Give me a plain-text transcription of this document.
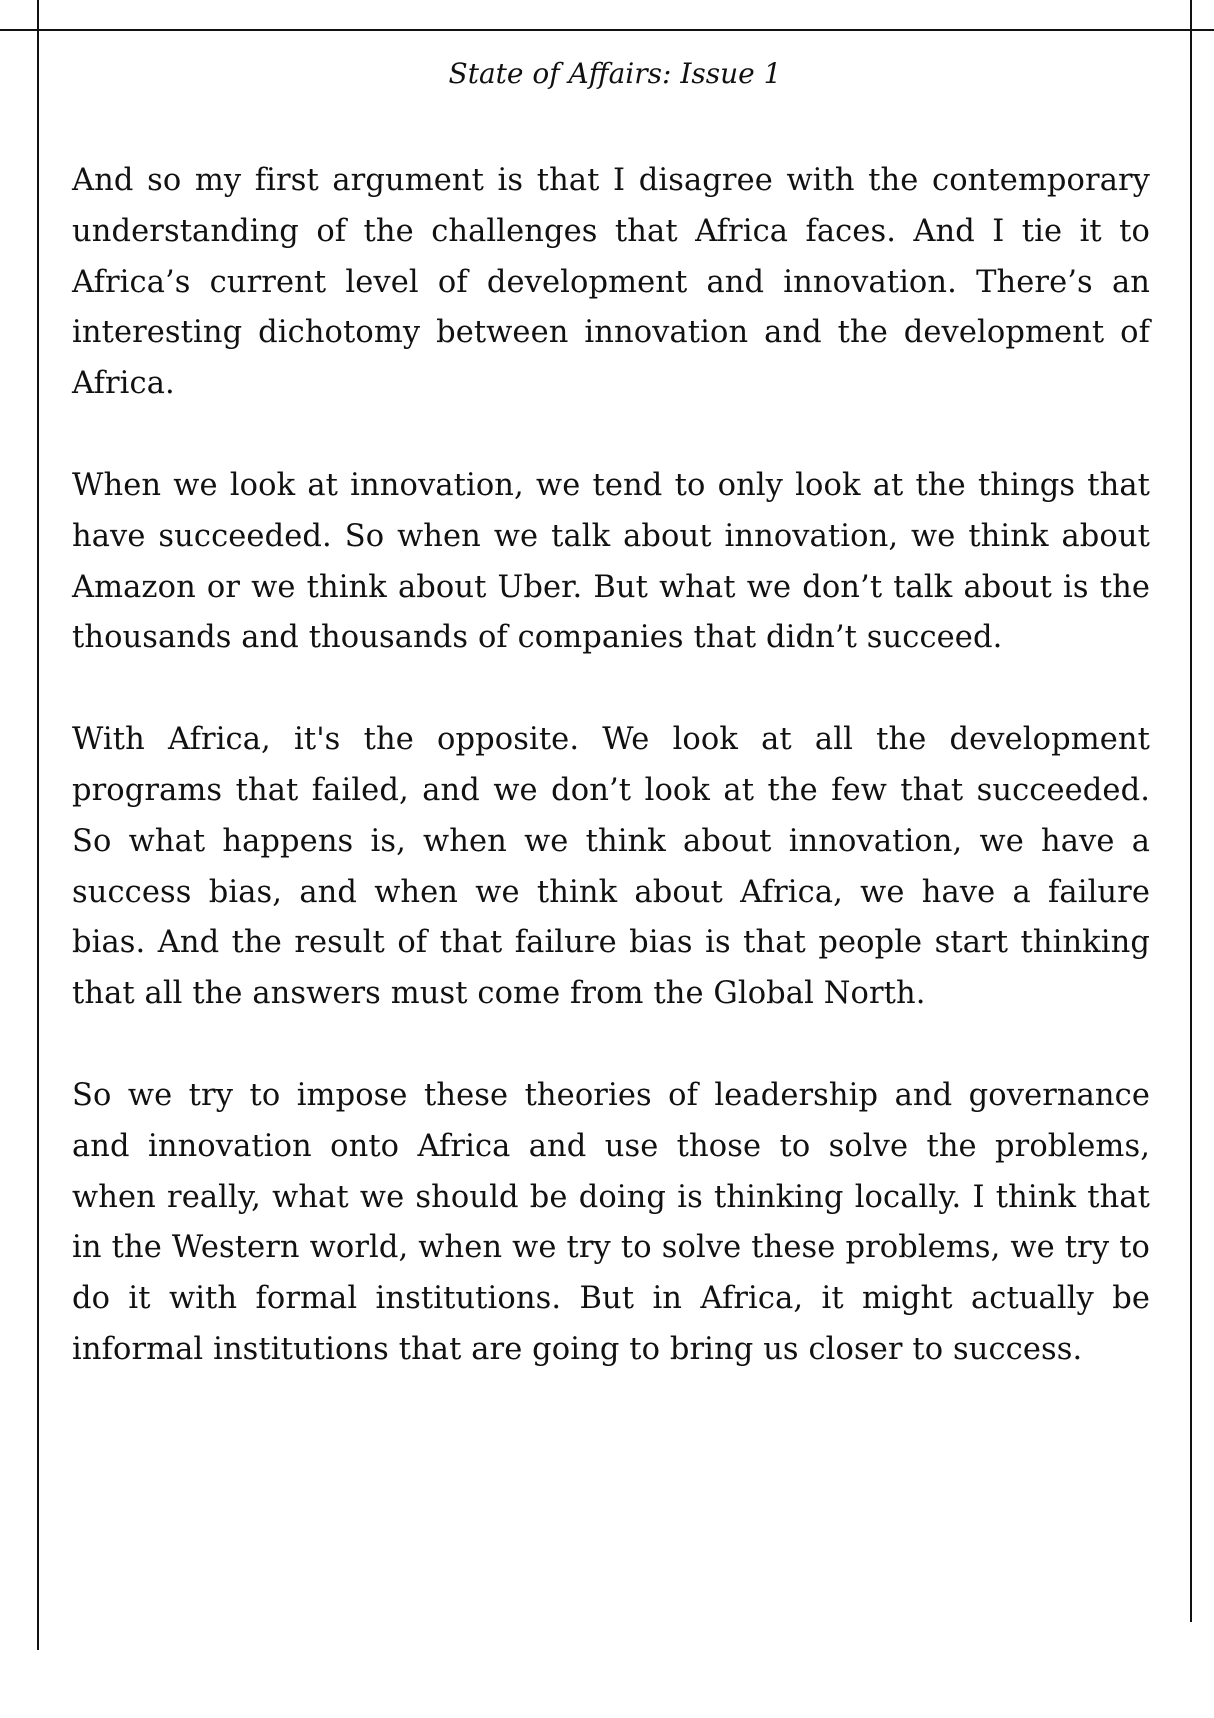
State of Affairs: Issue 1

And so my first argument is that I disagree with the contemporary understanding of the challenges that Africa faces. And I tie it to Africa’s current level of development and innovation. There’s an interesting dichotomy between innovation and the development of Africa.

When we look at innovation, we tend to only look at the things that have succeeded. So when we talk about innovation, we think about Amazon or we think about Uber. But what we don’t talk about is the thousands and thousands of companies that didn’t succeed.

With Africa, it's the opposite. We look at all the development programs that failed, and we don’t look at the few that succeeded. So what happens is, when we think about innovation, we have a success bias, and when we think about Africa, we have a failure bias. And the result of that failure bias is that people start thinking that all the answers must come from the Global North.

So we try to impose these theories of leadership and governance and innovation onto Africa and use those to solve the problems, when really, what we should be doing is thinking locally. I think that in the Western world, when we try to solve these problems, we try to do it with formal institutions. But in Africa, it might actually be informal institutions that are going to bring us closer to success.
